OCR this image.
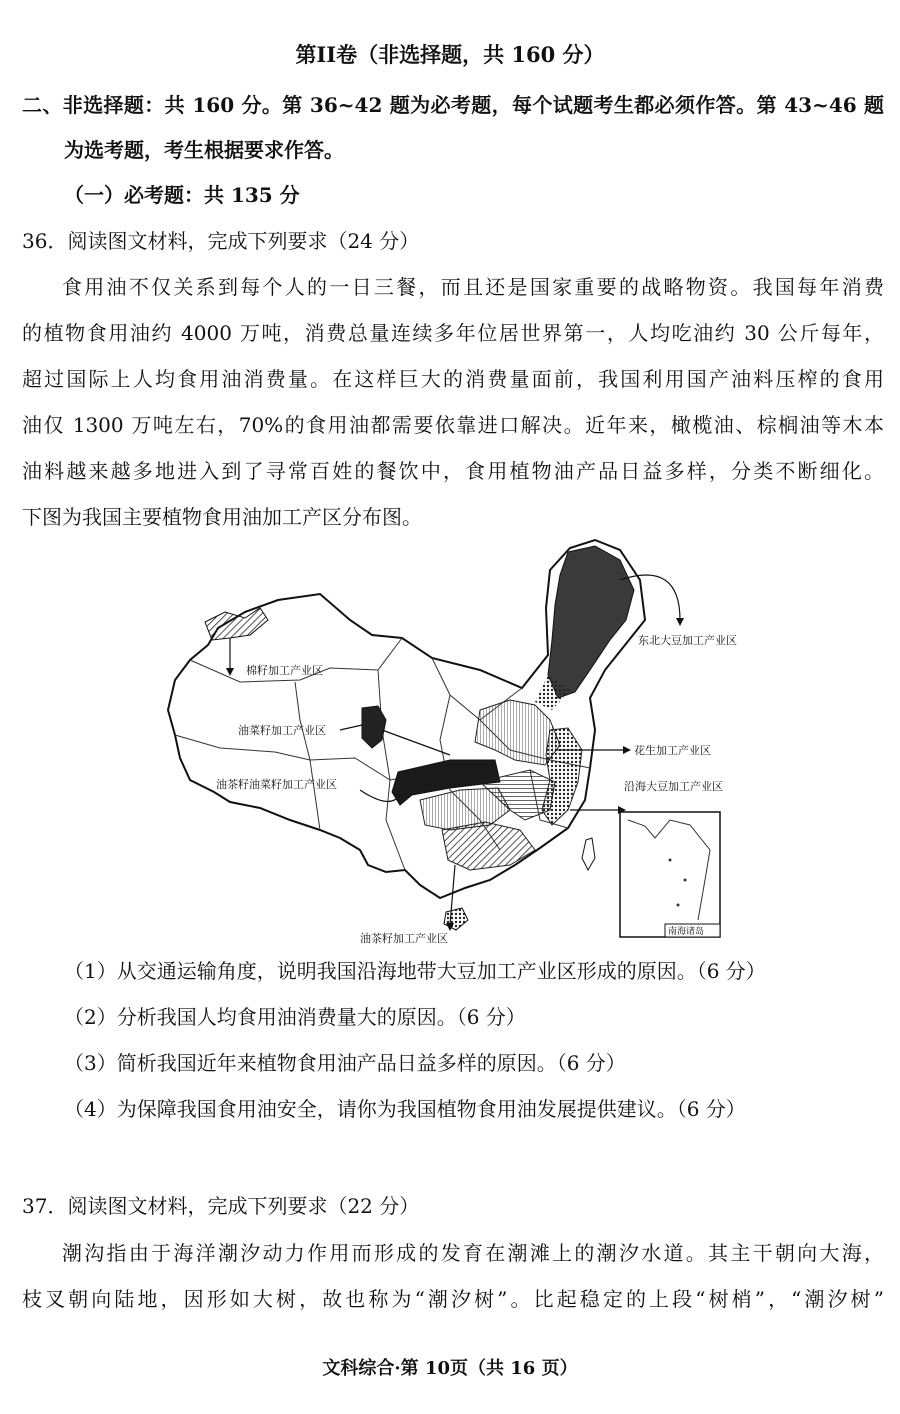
第II卷（非选择题，共 160 分）
二、非选择题：共 160 分。第 36~42 题为必考题，每个试题考生都必须作答。第 43~46 题
为选考题，考生根据要求作答。
（一）必考题：共 135 分
36．阅读图文材料，完成下列要求（24 分）
食用油不仅关系到每个人的一日三餐，而且还是国家重要的战略物资。我国每年消费
的植物食用油约 4000 万吨，消费总量连续多年位居世界第一，人均吃油约 30 公斤每年，
超过国际上人均食用油消费量。在这样巨大的消费量面前，我国利用国产油料压榨的食用
油仅 1300 万吨左右，70%的食用油都需要依靠进口解决。近年来，橄榄油、棕榈油等木本
油料越来越多地进入到了寻常百姓的餐饮中，食用植物油产品日益多样，分类不断细化。
下图为我国主要植物食用油加工产区分布图。
南海诸岛
东北大豆加工产业区
棉籽加工产业区
油菜籽加工产业区
花生加工产业区
油茶籽油菜籽加工产业区	沿海大豆加工产业区
油茶籽加工产业区
（1）从交通运输角度，说明我国沿海地带大豆加工产业区形成的原因。（6 分）
（2）分析我国人均食用油消费量大的原因。（6 分）
（3）简析我国近年来植物食用油产品日益多样的原因。（6 分）
（4）为保障我国食用油安全，请你为我国植物食用油发展提供建议。（6 分）
37．阅读图文材料，完成下列要求（22 分）
潮沟指由于海洋潮汐动力作用而形成的发育在潮滩上的潮汐水道。其主干朝向大海，
枝叉朝向陆地，因形如大树，故也称为“潮汐树”。比起稳定的上段“树梢”，“潮汐树”
文科综合·第 10页（共 16 页）
